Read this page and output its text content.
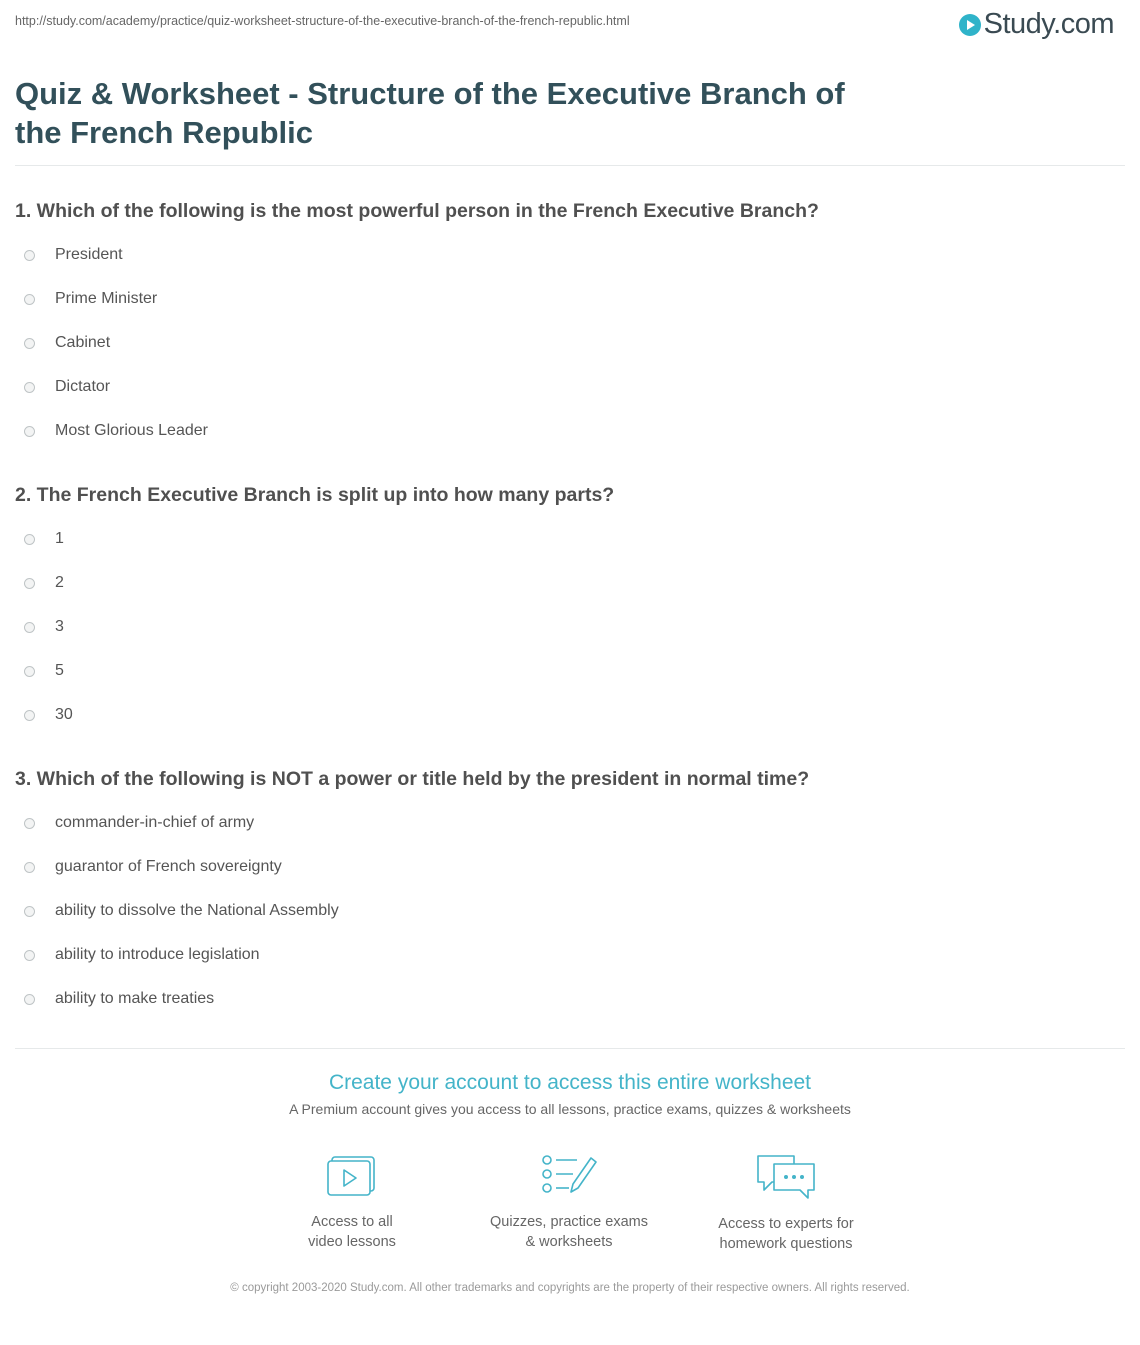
http://study.com/academy/practice/quiz-worksheet-structure-of-the-executive-branch-of-the-french-republic.html	Study.com
Quiz & Worksheet - Structure of the Executive Branch of the French Republic
1. Which of the following is the most powerful person in the French Executive Branch?
President
Prime Minister
Cabinet
Dictator
Most Glorious Leader
2. The French Executive Branch is split up into how many parts?
1
2
3
5
30
3. Which of the following is NOT a power or title held by the president in normal time?
commander-in-chief of army
guarantor of French sovereignty
ability to dissolve the National Assembly
ability to introduce legislation
ability to make treaties
Create your account to access this entire worksheet
A Premium account gives you access to all lessons, practice exams, quizzes & worksheets
Access to all
video lessons
Quizzes, practice exams
& worksheets
Access to experts for
homework questions
© copyright 2003-2020 Study.com. All other trademarks and copyrights are the property of their respective owners. All rights reserved.
